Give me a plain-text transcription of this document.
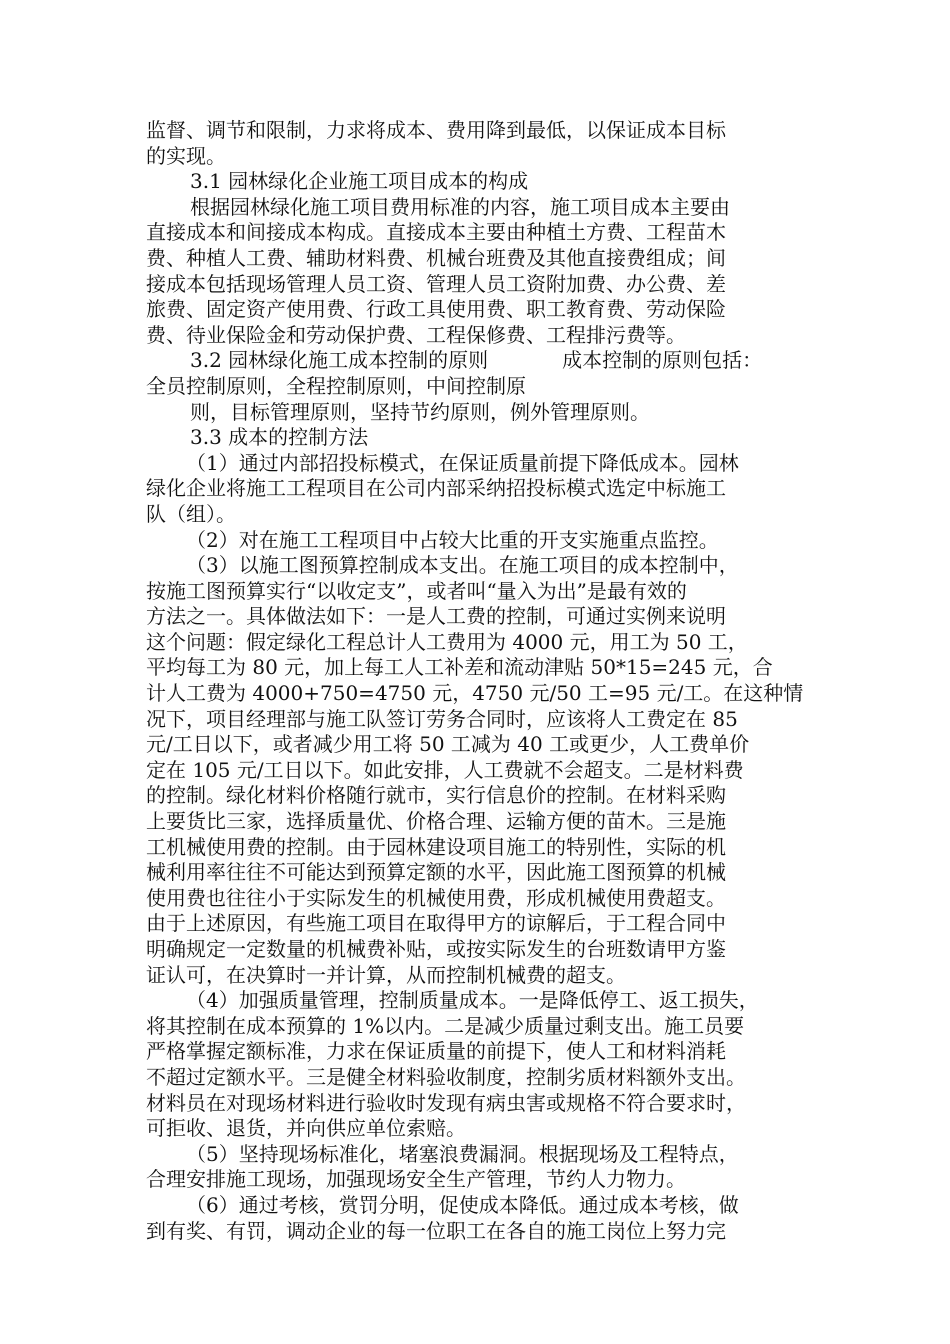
监督、调节和限制，力求将成本、费用降到最低，以保证成本目标
的实现。
3.1 园林绿化企业施工项目成本的构成
根据园林绿化施工项目费用标准的内容，施工项目成本主要由
直接成本和间接成本构成。直接成本主要由种植土方费、工程苗木
费、种植人工费、辅助材料费、机械台班费及其他直接费组成；间
接成本包括现场管理人员工资、管理人员工资附加费、办公费、差
旅费、固定资产使用费、行政工具使用费、职工教育费、劳动保险
费、待业保险金和劳动保护费、工程保修费、工程排污费等。
3.2 园林绿化施工成本控制的原则	成本控制的原则包括：
全员控制原则，全程控制原则，中间控制原
则，目标管理原则，坚持节约原则，例外管理原则。
3.3 成本的控制方法
（1）通过内部招投标模式，在保证质量前提下降低成本。园林
绿化企业将施工工程项目在公司内部采纳招投标模式选定中标施工
队（组）。
（2）对在施工工程项目中占较大比重的开支实施重点监控。
（3）以施工图预算控制成本支出。在施工项目的成本控制中，
按施工图预算实行“以收定支”，或者叫“量入为出”是最有效的
方法之一。具体做法如下：一是人工费的控制，可通过实例来说明
这个问题：假定绿化工程总计人工费用为 4000 元，用工为 50 工，
平均每工为 80 元，加上每工人工补差和流动津贴 50*15=245 元，合
计人工费为 4000+750=4750 元，4750 元/50 工=95 元/工。在这种情
况下，项目经理部与施工队签订劳务合同时，应该将人工费定在 85
元/工日以下，或者减少用工将 50 工减为 40 工或更少，人工费单价
定在 105 元/工日以下。如此安排，人工费就不会超支。二是材料费
的控制。绿化材料价格随行就市，实行信息价的控制。在材料采购
上要货比三家，选择质量优、价格合理、运输方便的苗木。三是施
工机械使用费的控制。由于园林建设项目施工的特别性，实际的机
械利用率往往不可能达到预算定额的水平，因此施工图预算的机械
使用费也往往小于实际发生的机械使用费，形成机械使用费超支。
由于上述原因，有些施工项目在取得甲方的谅解后，于工程合同中
明确规定一定数量的机械费补贴，或按实际发生的台班数请甲方鉴
证认可，在决算时一并计算，从而控制机械费的超支。
（4）加强质量管理，控制质量成本。一是降低停工、返工损失，
将其控制在成本预算的 1%以内。二是减少质量过剩支出。施工员要
严格掌握定额标准，力求在保证质量的前提下，使人工和材料消耗
不超过定额水平。三是健全材料验收制度，控制劣质材料额外支出。
材料员在对现场材料进行验收时发现有病虫害或规格不符合要求时，
可拒收、退货，并向供应单位索赔。
（5）坚持现场标准化，堵塞浪费漏洞。根据现场及工程特点，
合理安排施工现场，加强现场安全生产管理，节约人力物力。
（6）通过考核，赏罚分明，促使成本降低。通过成本考核，做
到有奖、有罚，调动企业的每一位职工在各自的施工岗位上努力完
